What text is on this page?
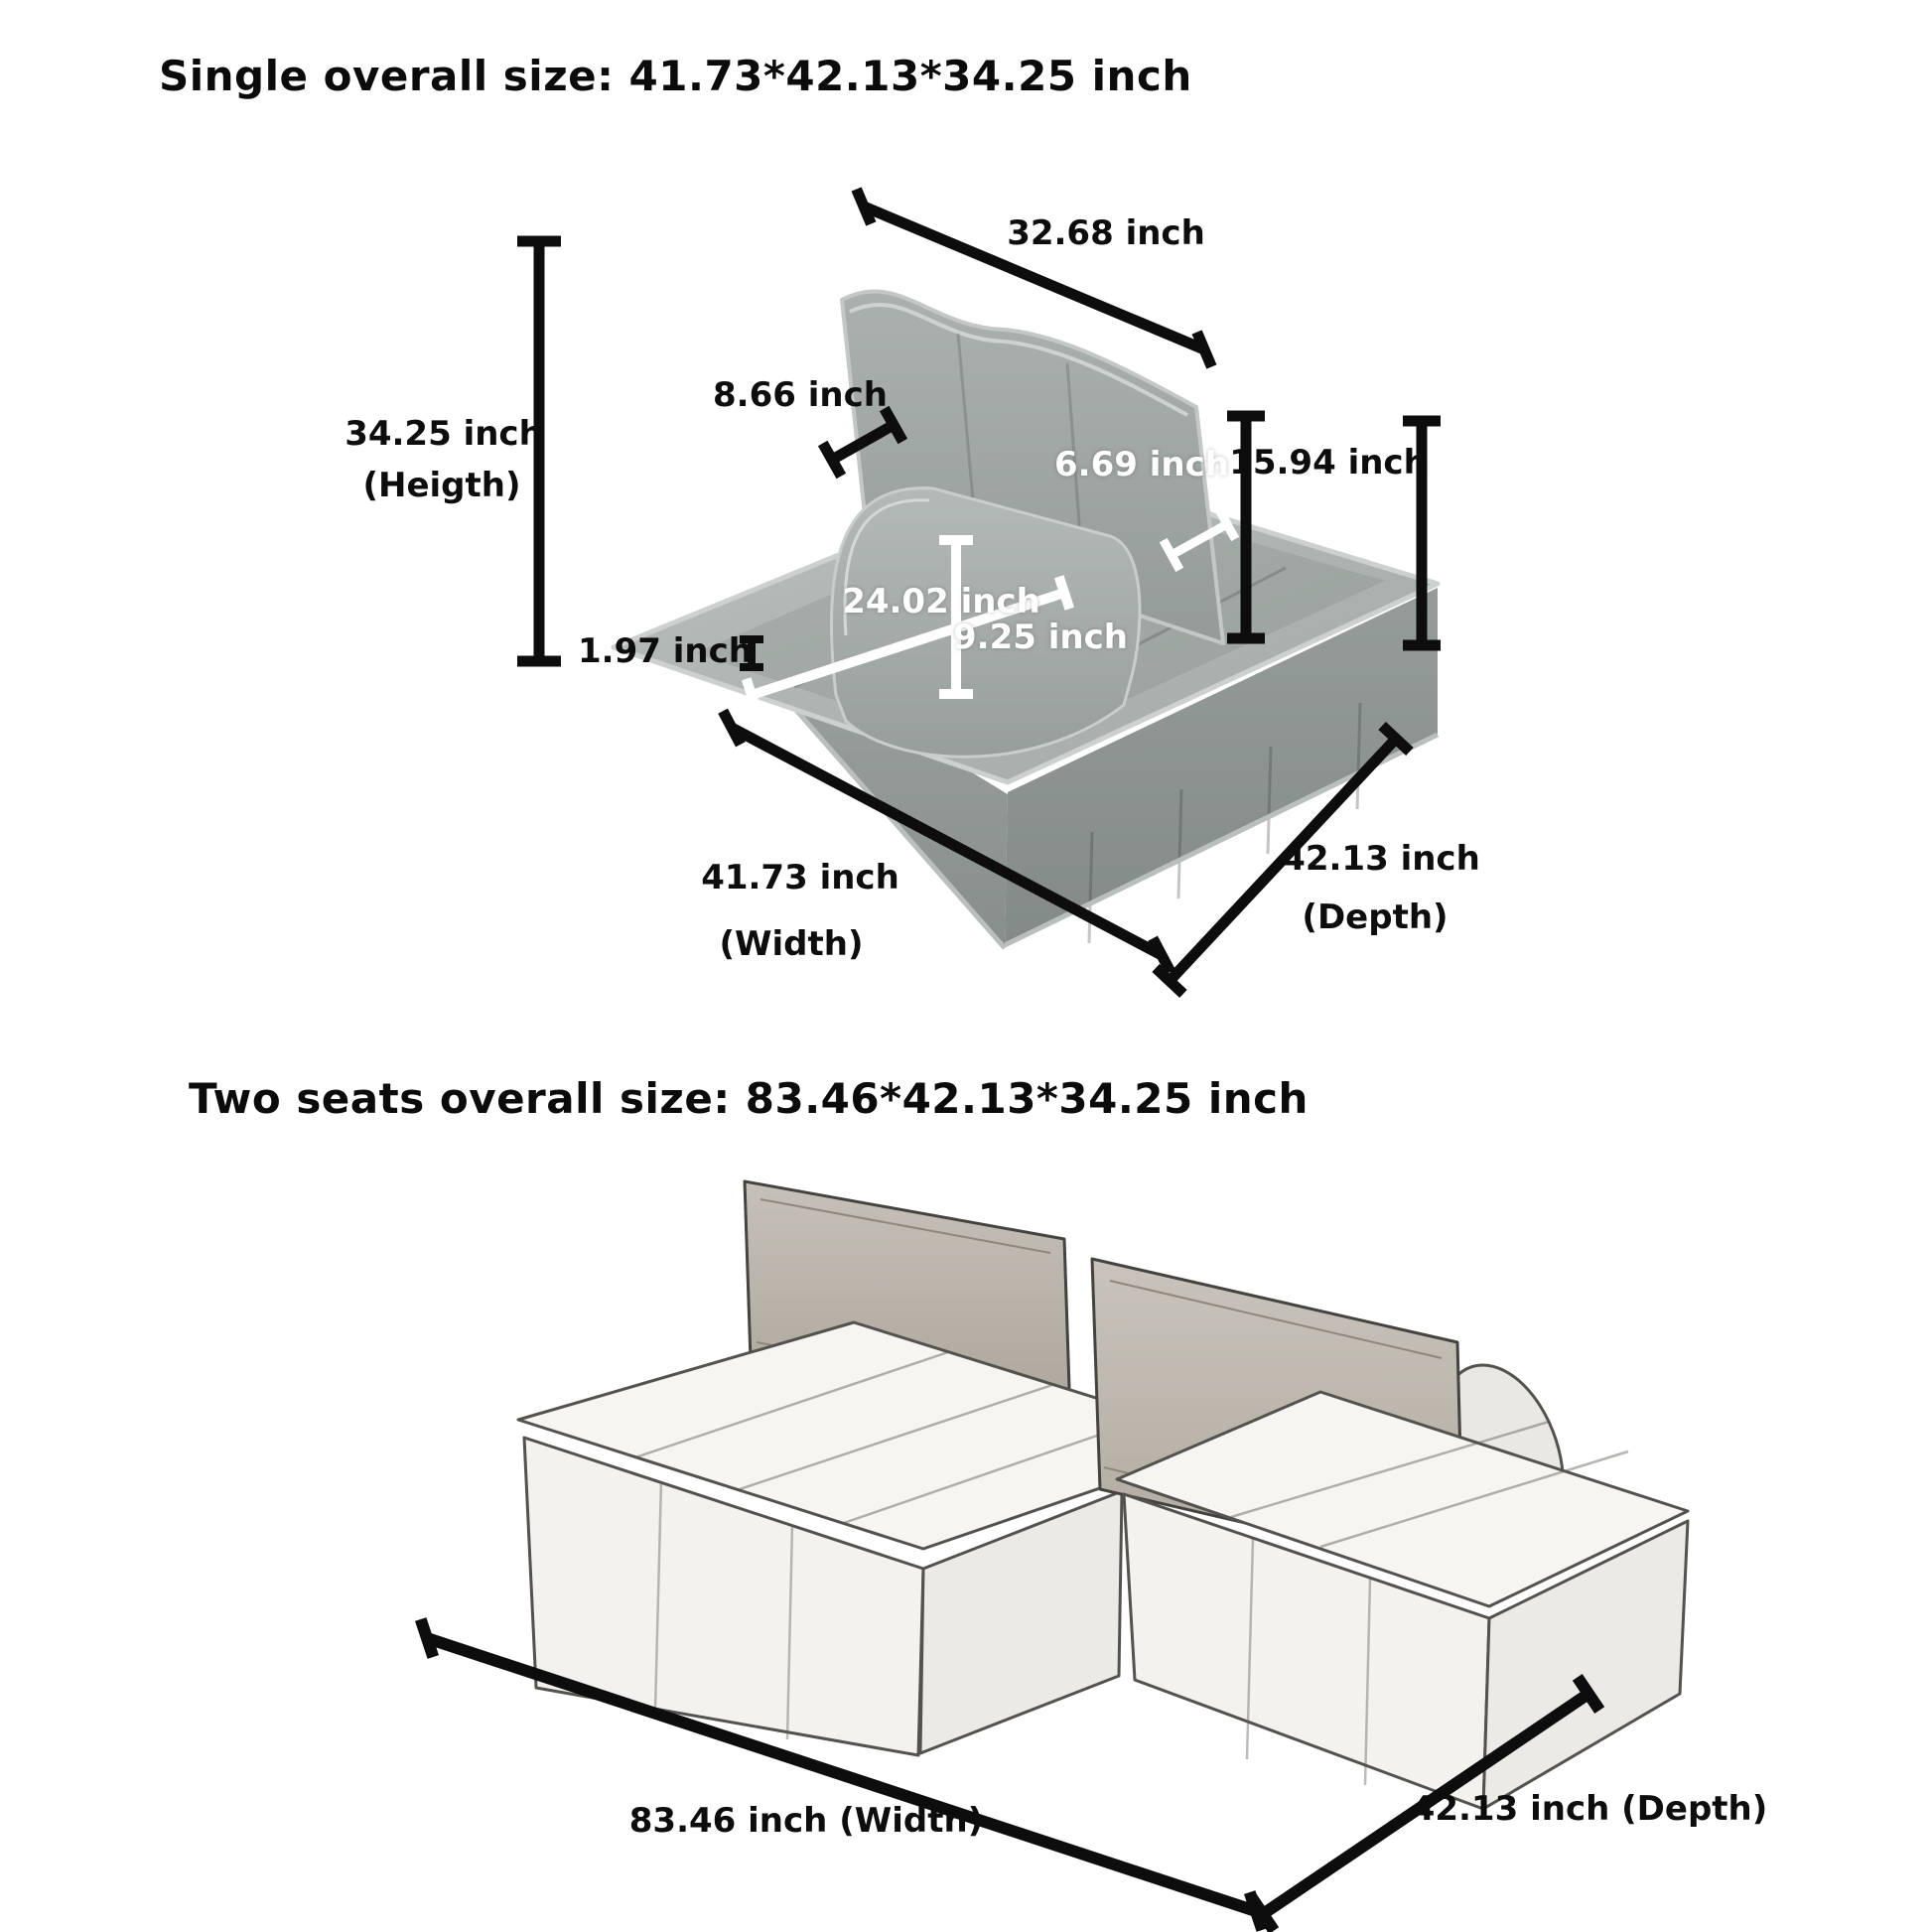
Single overall size: 41.73*42.13*34.25 inch
32.68 inch
8.66 inch
15.94 inch
6.69 inch
9.25 inch
24.02 inch
1.97 inch
34.25 inch
(Heigth)
41.73 inch
(Width)
42.13 inch
(Depth)
Two seats overall size: 83.46*42.13*34.25 inch
83.46 inch (Width)	42.13 inch (Depth)
